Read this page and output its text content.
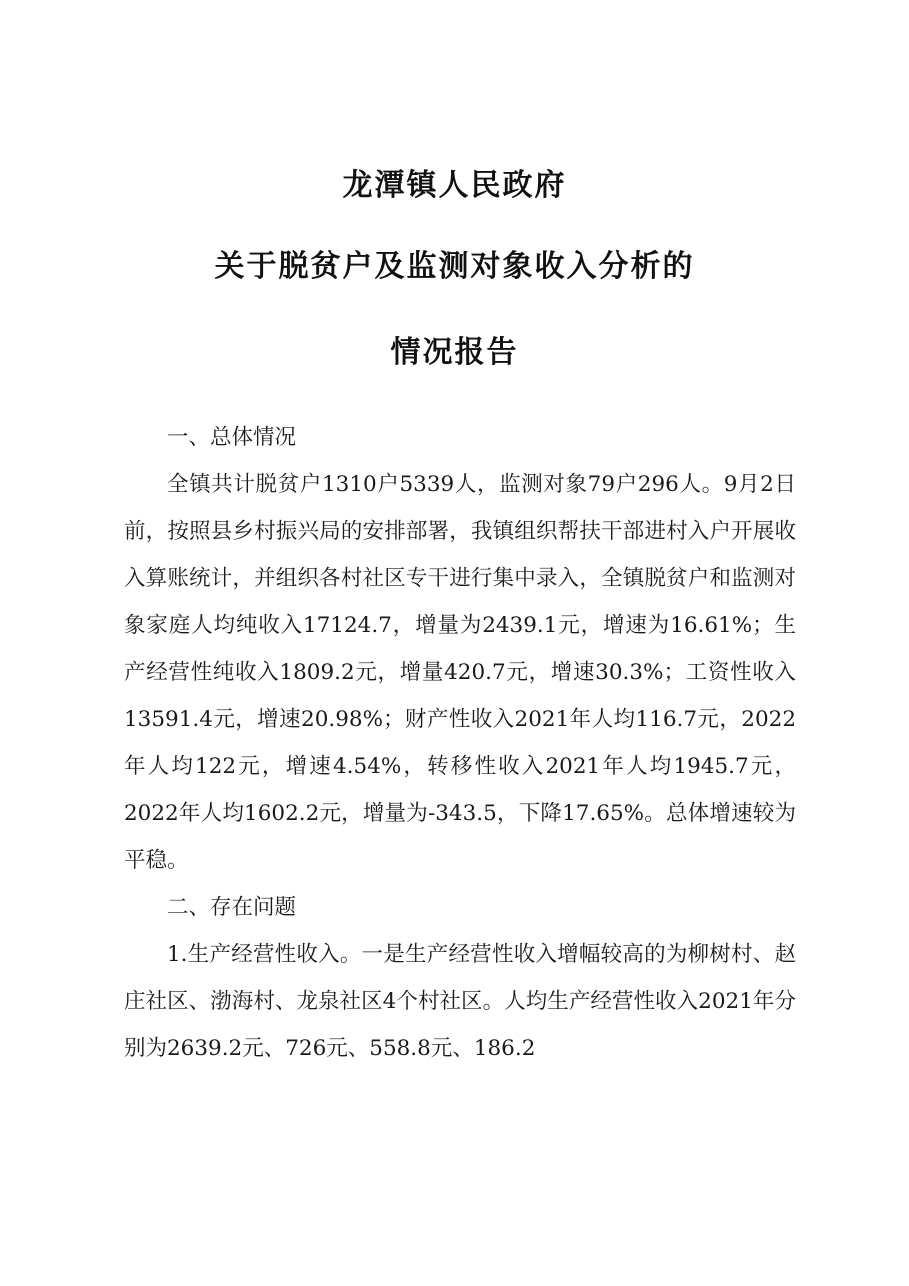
龙潭镇人民政府
关于脱贫户及监测对象收入分析的
情况报告

一、总体情况

全镇共计脱贫户1310户5339人，监测对象79户296人。9月2日前，按照县乡村振兴局的安排部署，我镇组织帮扶干部进村入户开展收入算账统计，并组织各村社区专干进行集中录入，全镇脱贫户和监测对象家庭人均纯收入17124.7，增量为2439.1元，增速为16.61%；生产经营性纯收入1809.2元，增量420.7元，增速30.3%；工资性收入13591.4元，增速20.98%；财产性收入2021年人均116.7元，2022年人均122元，增速4.54%，转移性收入2021年人均1945.7元，2022年人均1602.2元，增量为-343.5，下降17.65%。总体增速较为平稳。

二、存在问题

1.生产经营性收入。一是生产经营性收入增幅较高的为柳树村、赵庄社区、渤海村、龙泉社区4个村社区。人均生产经营性收入2021年分别为2639.2元、726元、558.8元、186.2
